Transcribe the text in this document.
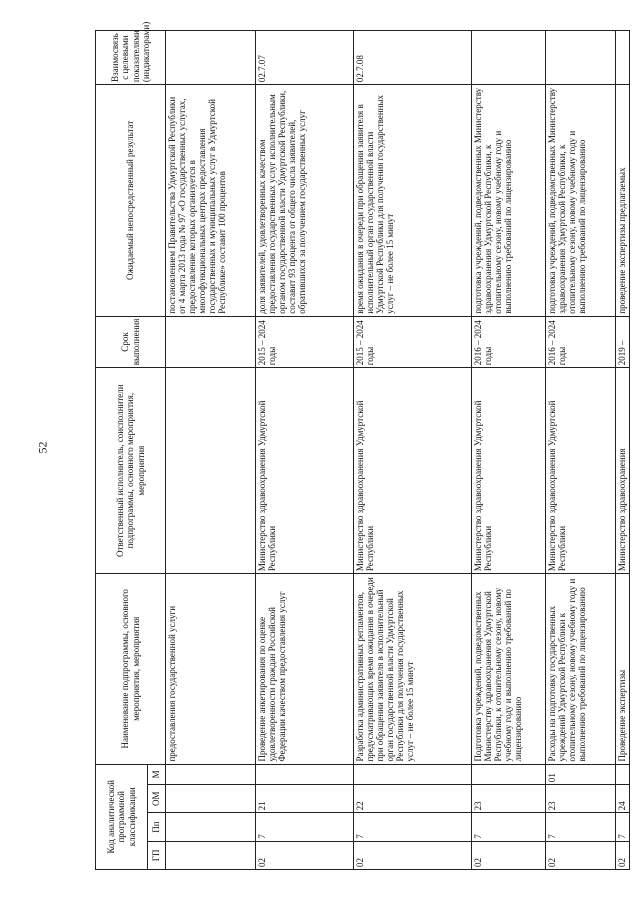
52
Код аналитической программной классификации				Наименование подпрограммы, основного мероприятия, мероприятия	Ответственный исполнитель, соисполнители подпрограммы, основного мероприятия, мероприятия	Срок выполнения	Ожидаемый непосредственный результат	Взаимосвязь с целевыми показателями (индикаторами)
ГП	Пп	ОМ	М					
				предоставления государственной услуги			постановлением Правительства Удмуртской Республики от 4 марта 2013 года № 97 «О государственных услугах, предоставление которых организуется в многофункциональных центрах предоставления государственных и муниципальных услуг в Удмуртской Республике» составит 100 процентов	
02	7	21		Проведение анкетирования по оценке удовлетворенности граждан Российской Федерации качеством предоставления услуг	Министерство здравоохранения Удмуртской Республики	2015 – 2024 годы	доля заявителей, удовлетворенных качеством предоставления государственных услуг исполнительным органом государственной власти Удмуртской Республики, составит 93 процента от общего числа заявителей, обратившихся за получением государственных услуг	02.7.07
02	7	22		Разработка административных регламентов, предусматривающих время ожидания в очереди при обращении заявителя в исполнительный орган государственной власти Удмуртской Республики для получения государственных услуг – не более 15 минут	Министерство здравоохранения Удмуртской Республики	2015 – 2024 годы	время ожидания в очереди при обращении заявителя в исполнительный орган государственной власти Удмуртской Республики для получения государственных услуг – не более 15 минут	02.7.08
02	7	23		Подготовка учреждений, подведомственных Министерству здравоохранения Удмуртской Республики, к отопительному сезону, новому учебному году и выполнению требований по лицензированию	Министерство здравоохранения Удмуртской Республики	2016 – 2024 годы	подготовка учреждений, подведомственных Министерству здравоохранения Удмуртской Республики, к отопительному сезону, новому учебному году и выполнению требований по лицензированию	
02	7	23	01	Расходы на подготовку государственных учреждений Удмуртской Республики к отопительному сезону, новому учебному году и выполнению требований по лицензированию	Министерство здравоохранения Удмуртской Республики	2016 – 2024 годы	подготовка учреждений, подведомственных Министерству здравоохранения Удмуртской Республики, к отопительному сезону, новому учебному году и выполнению требований по лицензированию	
02	7	24		Проведение экспертизы	Министерство здравоохранения	2019 –	проведение экспертизы предлагаемых	
